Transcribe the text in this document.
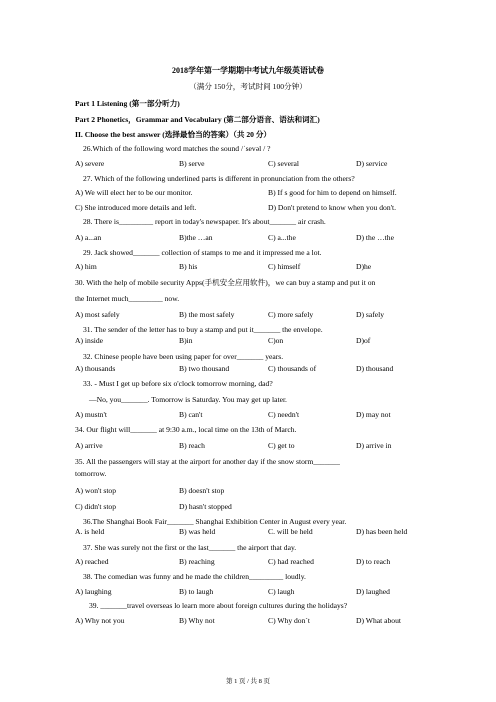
2018学年第一学期期中考试九年级英语试卷
（满分 150分，考试时间 100分钟）
Part 1 Listening (第一部分听力)
Part 2 Phonetics，Grammar and Vocabulary (第二部分语音、语法和词汇)
II. Choose the best answer (选择最恰当的答案）（共 20 分）
26.Which of the following word matches the sound /ˈsevəl / ?
A) severe	B) serve	C) several	D) service
27. Which of the following underlined parts is different in pronunciation from the others?
A) We will elect her to be our monitor.	B) If s good for him to depend on himself.
C) She introduced more details and left.	D) Don't pretend to know when you don't.
28. There is_________ report in today's newspaper. It's about_______ air crash.
A) a...an	B)the …an	C) a...the	D) the …the
29. Jack showed_______ collection of stamps to me and it impressed me a lot.
A) him	B) his	C) himself	D)he
30. With the help of mobile security Apps(手机安全应用软件)，we can buy a stamp and put it on
the Internet much_________ now.
A) most safely	B) the most safely	C) more safely	D) safely
31. The sender of the letter has to buy a stamp and put it_______ the envelope.
A) inside	B)in	C)on	D)of
32. Chinese people have been using paper for over_______ years.
A) thousands	B) two thousand	C) thousands of	D) thousand
33. - Must I get up before six o'clock tomorrow morning, dad?
—No, you_______. Tomorrow is Saturday. You may get up later.
A) mustn't	B) can't	C) needn't	D) may not
34. Our flight will_______ at 9:30 a.m., local time on the 13th of March.
A) arrive	B) reach	C) get to	D) arrive in
35. All the passengers will stay at the airport for another day if the snow storm_______
tomorrow.
A) won't stop	B) doesn't stop
C) didn't stop	D) hasn't stopped
36.The Shanghai Book Fair_______ Shanghai Exhibition Center in August every year.
A. is held	B) was held	C. will be held	D) has been held
37. She was surely not the first or the last_______ the airport that day.
A) reached	B) reaching	C) had reached	D) to reach
38. The comedian was funny and he made the children_________ loudly.
A) laughing	B) to laugh	C) laugh	D) laughed
39. _______travel overseas lo learn more about foreign cultures during the holidays?
A) Why not you	B) Why not	C) Why don`t	D) What about
第 1 页 / 共 8 页
